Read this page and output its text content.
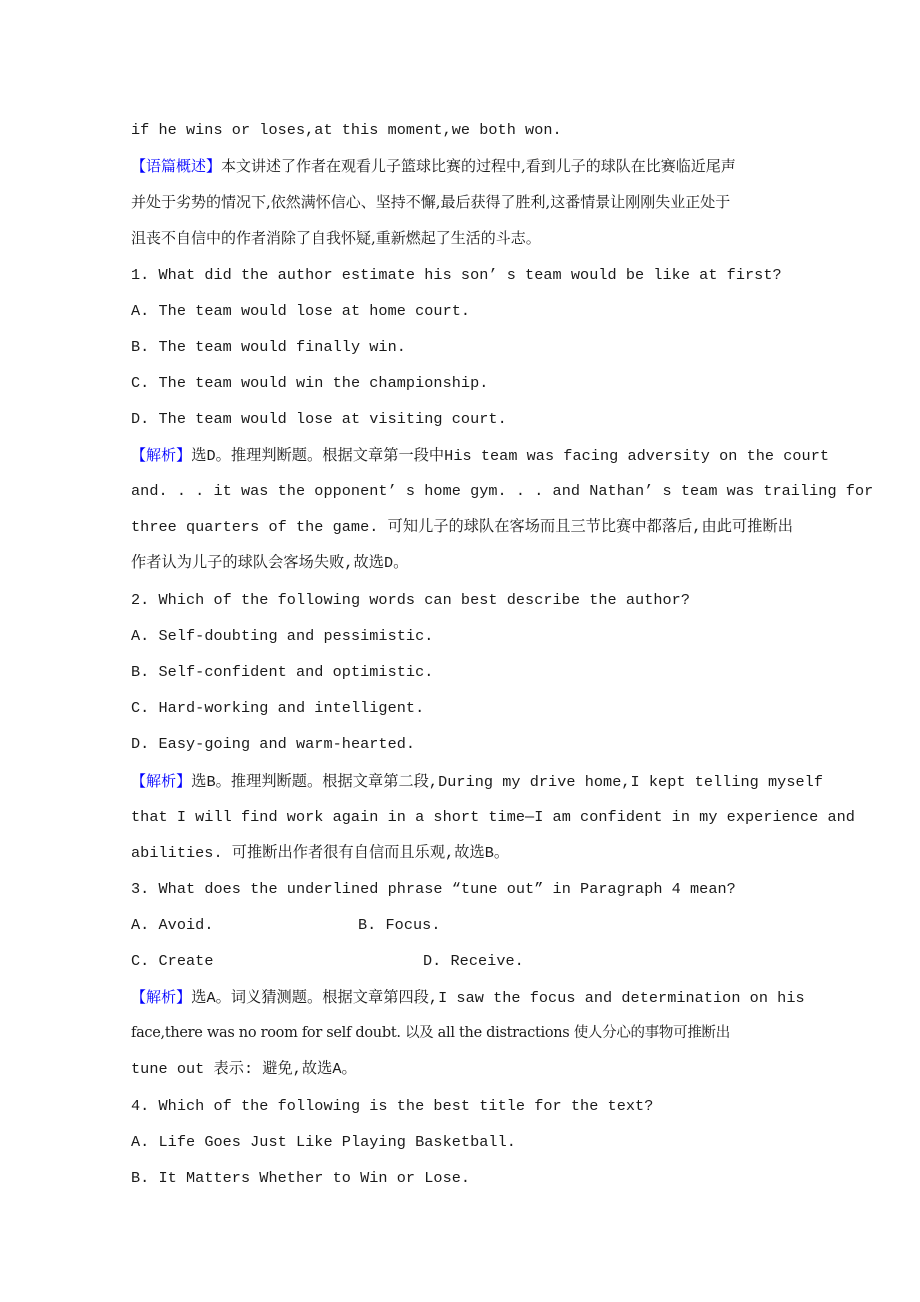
if he wins or loses,at this moment,we both won.
【语篇概述】本文讲述了作者在观看儿子篮球比赛的过程中,看到儿子的球队在比赛临近尾声
并处于劣势的情况下,依然满怀信心、坚持不懈,最后获得了胜利,这番情景让刚刚失业正处于
沮丧不自信中的作者消除了自我怀疑,重新燃起了生活的斗志。
1. What did the author estimate his son’ s team would be like at first?
A. The team would lose at home court.
B. The team would finally win.
C. The team would win the championship.
D. The team would lose at visiting court.
【解析】选D。推理判断题。根据文章第一段中His team was facing adversity on the court
and. . . it was the opponent’ s home gym. . . and Nathan’ s team was trailing for
three quarters of the game. 可知儿子的球队在客场而且三节比赛中都落后,由此可推断出
作者认为儿子的球队会客场失败,故选D。
2. Which of the following words can best describe the author?
A. Self-doubting and pessimistic.
B. Self-confident and optimistic.
C. Hard-working and intelligent.
D. Easy-going and warm-hearted.
【解析】选B。推理判断题。根据文章第二段,During my drive home,I kept telling myself
that I will find work again in a short time—I am confident in my experience and
abilities. 可推断出作者很有自信而且乐观,故选B。
3. What does the underlined phrase “tune out” in Paragraph 4 mean?
A. Avoid.	B. Focus.
C. Create	D. Receive.
【解析】选A。词义猜测题。根据文章第四段,I saw the focus and determination on his
face,there was no room for self doubt. 以及 all the distractions 使人分心的事物可推断出
tune out 表示: 避免,故选A。
4. Which of the following is the best title for the text?
A. Life Goes Just Like Playing Basketball.
B. It Matters Whether to Win or Lose.
